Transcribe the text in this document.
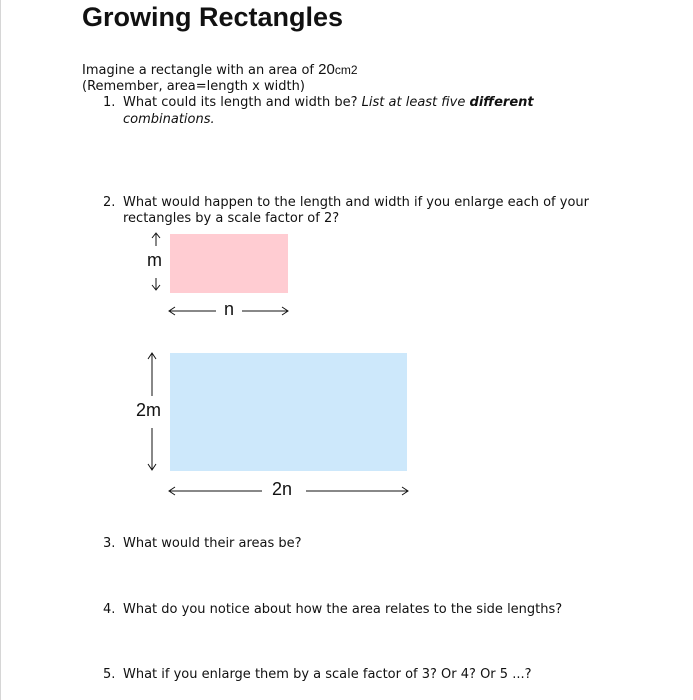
Growing Rectangles
Imagine a rectangle with an area of 20cm2
(Remember, area=length x width)
1. What could its length and width be? List at least five different
combinations.
2. What would happen to the length and width if you enlarge each of your
rectangles by a scale factor of 2?
m
n
2m
2n
3. What would their areas be?
4. What do you notice about how the area relates to the side lengths?
5. What if you enlarge them by a scale factor of 3? Or 4? Or 5 ...?
